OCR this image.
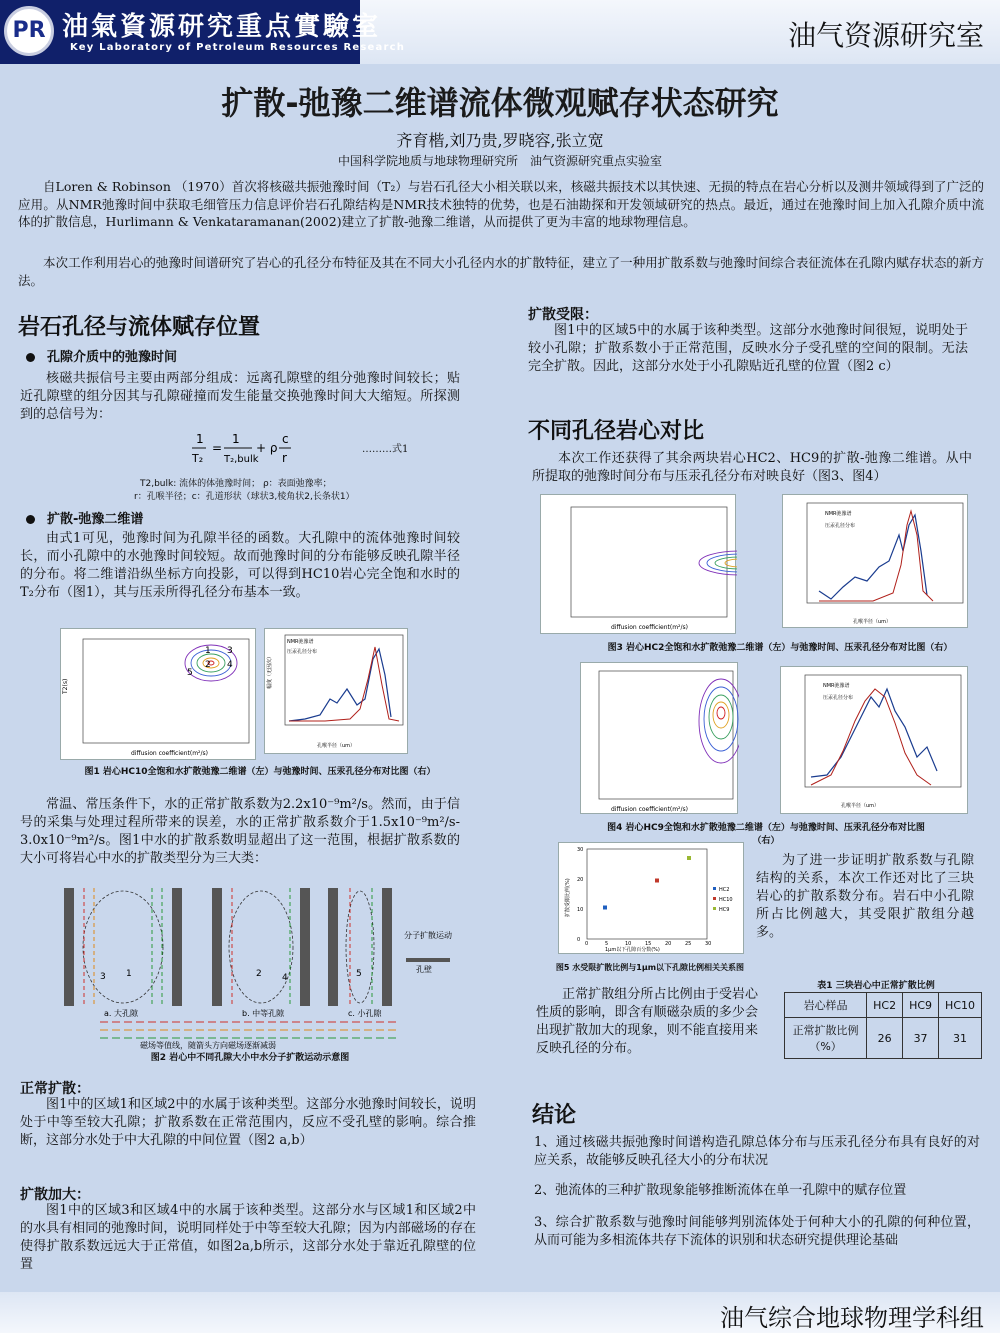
PR 油氣資源研究重点實驗室
Key Laboratory of Petroleum Resources Research	油气资源研究室
扩散-弛豫二维谱流体微观赋存状态研究
齐育楷,刘乃贵,罗晓容,张立宽
中国科学院地质与地球物理研究所　油气资源研究重点实验室
自Loren & Robinson （1970）首次将核磁共振弛豫时间（T₂）与岩石孔径大小相关联以来，核磁共振技术以其快速、无损的特点在岩心分析以及测井领域得到了广泛的应用。从NMR弛豫时间中获取毛细管压力信息评价岩石孔隙结构是NMR技术独特的优势，也是石油勘探和开发领域研究的热点。最近，通过在弛豫时间上加入孔隙介质中流体的扩散信息，Hurlimann & Venkataramanan(2002)建立了扩散-弛豫二维谱，从而提供了更为丰富的地球物理信息。
本次工作利用岩心的弛豫时间谱研究了岩心的孔径分布特征及其在不同大小孔径内水的扩散特征，建立了一种用扩散系数与弛豫时间综合表征流体在孔隙内赋存状态的新方法。
岩石孔径与流体赋存位置
孔隙介质中的弛豫时间
核磁共振信号主要由两部分组成：远离孔隙壁的组分弛豫时间较长；贴近孔隙壁的组分因其与孔隙碰撞而发生能量交换弛豫时间大大缩短。所探测到的总信号为：
1
T₂
=
1
T₂,bulk
+ ρ
c
r
………式1
T2,bulk: 流体的体弛豫时间； ρ：表面弛豫率；
r：孔喉半径；c：孔道形状（球状3,棱角状2,长条状1）
扩散-弛豫二维谱
由式1可见，弛豫时间为孔隙半径的函数。大孔隙中的流体弛豫时间较长，而小孔隙中的水弛豫时间较短。故而弛豫时间的分布能够反映孔隙半径的分布。将二维谱沿纵坐标方向投影，可以得到HC10岩心完全饱和水时的T₂分布（图1），其与压汞所得孔径分布基本一致。
T2(s)
diffusion coefficient(m²/s)
1
2
3
4
5
NMR弛豫谱
压汞孔径分布
幅度（无因次）
孔喉半径（um）
图1 岩心HC10全饱和水扩散弛豫二维谱（左）与弛豫时间、压汞孔径分布对比图（右）
常温、常压条件下，水的正常扩散系数为2.2x10⁻⁹m²/s。然而，由于信号的采集与处理过程所带来的误差，水的正常扩散系数介于1.5x10⁻⁹m²/s-3.0x10⁻⁹m²/s。图1中水的扩散系数明显超出了这一范围，根据扩散系数的大小可将岩心中水的扩散类型分为三大类：
3 1	2 4	5
a. 大孔隙	b. 中等孔隙	c. 小孔隙
分子扩散运动
孔壁
磁场等值线，随箭头方向磁场逐渐减弱
图2 岩心中不同孔隙大小中水分子扩散运动示意图
正常扩散：
图1中的区域1和区域2中的水属于该种类型。这部分水弛豫时间较长，说明处于中等至较大孔隙；扩散系数在正常范围内，反应不受孔壁的影响。综合推断，这部分水处于中大孔隙的中间位置（图2 a,b）
扩散加大：
图1中的区域3和区域4中的水属于该种类型。这部分水与区域1和区域2中的水具有相同的弛豫时间，说明同样处于中等至较大孔隙；因为内部磁场的存在使得扩散系数远远大于正常值，如图2a,b所示，这部分水处于靠近孔隙壁的位置
扩散受限：
图1中的区域5中的水属于该种类型。这部分水弛豫时间很短，说明处于较小孔隙；扩散系数小于正常范围，反映水分子受孔壁的空间的限制。无法完全扩散。因此，这部分水处于小孔隙贴近孔壁的位置（图2 c）
不同孔径岩心对比
本次工作还获得了其余两块岩心HC2、HC9的扩散-弛豫二维谱。从中所提取的弛豫时间分布与压汞孔径分布对映良好（图3、图4）
diffusion coefficient(m²/s)
NMR弛豫谱
压汞孔径分布
孔喉半径（um）
图3 岩心HC2全饱和水扩散弛豫二维谱（左）与弛豫时间、压汞孔径分布对比图（右）
diffusion coefficient(m²/s)
NMR弛豫谱
压汞孔径分布
孔喉半径（um）
图4 岩心HC9全饱和水扩散弛豫二维谱（左）与弛豫时间、压汞孔径分布对比图（右）
1μm以下孔隙百分数(%)
扩散受限比例(%)	HC2
HC10
HC9
0
10
20
30
0	5	10	15	20	25	30
图5 水受限扩散比例与1μm以下孔隙比例相关关系图
为了进一步证明扩散系数与孔隙结构的关系，本次工作还对比了三块岩心的扩散系数分布。岩石中小孔隙所占比例越大，其受限扩散组分越多。
表1 三块岩心中正常扩散比例
岩心样品	HC2	HC9	HC10
正常扩散比例（%）	26	37	31
正常扩散组分所占比例由于受岩心性质的影响，即含有顺磁杂质的多少会出现扩散加大的现象，则不能直接用来反映孔径的分布。
结论
1、通过核磁共振弛豫时间谱构造孔隙总体分布与压汞孔径分布具有良好的对应关系，故能够反映孔径大小的分布状况
2、弛流体的三种扩散现象能够推断流体在单一孔隙中的赋存位置
3、综合扩散系数与弛豫时间能够判别流体处于何种大小的孔隙的何种位置，从而可能为多相流体共存下流体的识别和状态研究提供理论基础
油气综合地球物理学科组
